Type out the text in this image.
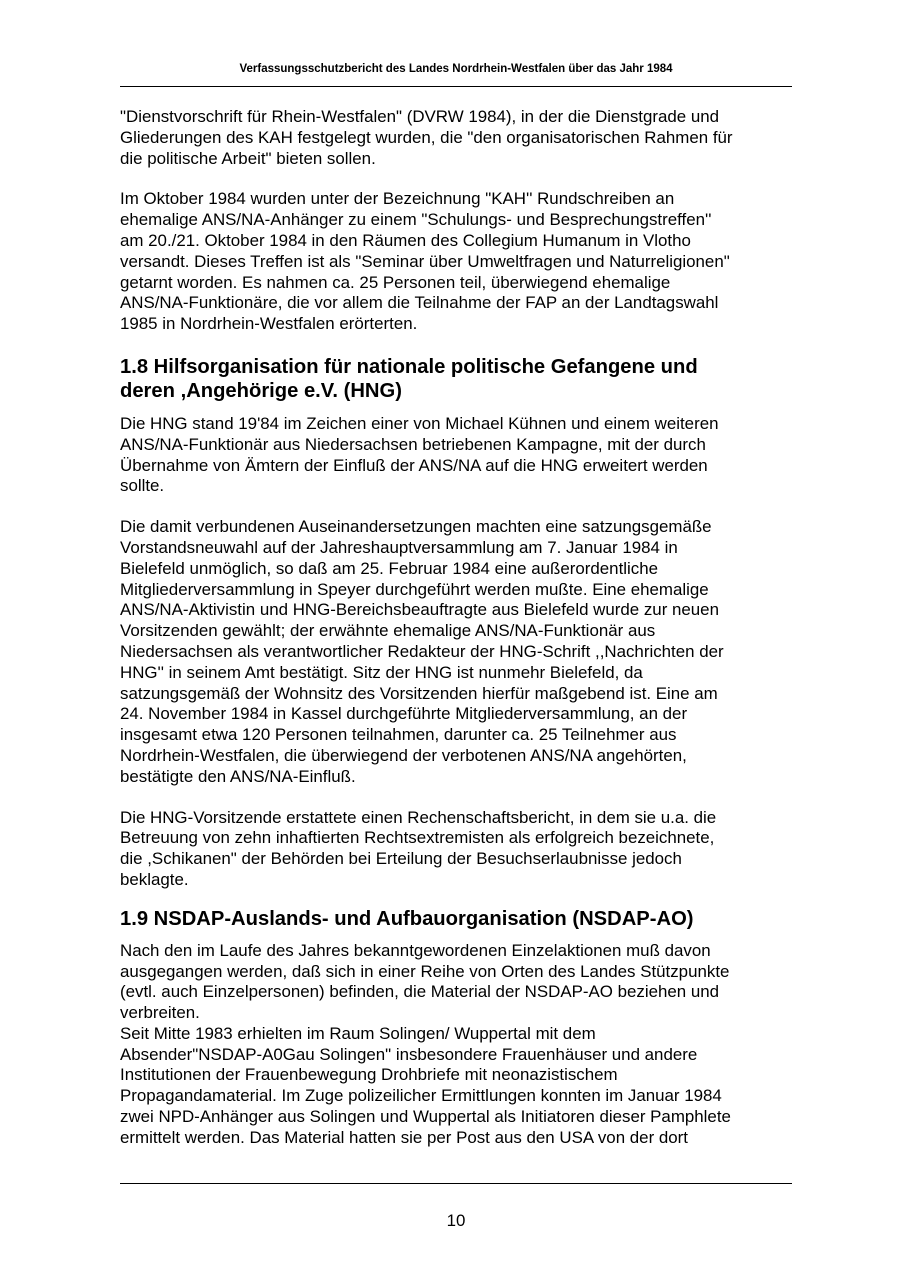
Verfassungsschutzbericht des Landes Nordrhein-Westfalen über das Jahr 1984

"Dienstvorschrift für Rhein-Westfalen" (DVRW 1984), in der die Dienstgrade und
Gliederungen des KAH festgelegt wurden, die "den organisatorischen Rahmen für
die politische Arbeit" bieten sollen.

Im Oktober 1984 wurden unter der Bezeichnung "KAH'' Rundschreiben an
ehemalige ANS/NA-Anhänger zu einem "Schulungs- und Besprechungstreffen''
am 20./21. Oktober 1984 in den Räumen des Collegium Humanum in Vlotho
versandt. Dieses Treffen ist als "Seminar über Umweltfragen und Naturreligionen"
getarnt worden. Es nahmen ca. 25 Personen teil, überwiegend ehemalige
ANS/NA-Funktionäre, die vor allem die Teilnahme der FAP an der Landtagswahl
1985 in Nordrhein-Westfalen erörterten.

1.8 Hilfsorganisation für nationale politische Gefangene und
deren ,Angehörige e.V. (HNG)

Die HNG stand 19'84 im Zeichen einer von Michael Kühnen und einem weiteren
ANS/NA-Funktionär aus Niedersachsen betriebenen Kampagne, mit der durch
Übernahme von Ämtern der Einfluß der ANS/NA auf die HNG erweitert werden
sollte.

Die damit verbundenen Auseinandersetzungen machten eine satzungsgemäße
Vorstandsneuwahl auf der Jahreshauptversammlung am 7. Januar 1984 in
Bielefeld unmöglich, so daß am 25. Februar 1984 eine außerordentliche
Mitgliederversammlung in Speyer durchgeführt werden mußte. Eine ehemalige
ANS/NA-Aktivistin und HNG-Bereichsbeauftragte aus Bielefeld wurde zur neuen
Vorsitzenden gewählt; der erwähnte ehemalige ANS/NA-Funktionär aus
Niedersachsen als verantwortlicher Redakteur der HNG-Schrift ,,Nachrichten der
HNG'' in seinem Amt bestätigt. Sitz der HNG ist nunmehr Bielefeld, da
satzungsgemäß der Wohnsitz des Vorsitzenden hierfür maßgebend ist. Eine am
24. November 1984 in Kassel durchgeführte Mitgliederversammlung, an der
insgesamt etwa 120 Personen teilnahmen, darunter ca. 25 Teilnehmer aus
Nordrhein-Westfalen, die überwiegend der verbotenen ANS/NA angehörten,
bestätigte den ANS/NA-Einfluß.

Die HNG-Vorsitzende erstattete einen Rechenschaftsbericht, in dem sie u.a. die
Betreuung von zehn inhaftierten Rechtsextremisten als erfolgreich bezeichnete,
die ,Schikanen" der Behörden bei Erteilung der Besuchserlaubnisse jedoch
beklagte.

1.9 NSDAP-Auslands- und Aufbauorganisation (NSDAP-AO)

Nach den im Laufe des Jahres bekanntgewordenen Einzelaktionen muß davon
ausgegangen werden, daß sich in einer Reihe von Orten des Landes Stützpunkte
(evtl. auch Einzelpersonen) befinden, die Material der NSDAP-AO beziehen und
verbreiten.
Seit Mitte 1983 erhielten im Raum Solingen/ Wuppertal mit dem
Absender"NSDAP-A0Gau Solingen" insbesondere Frauenhäuser und andere
Institutionen der Frauenbewegung Drohbriefe mit neonazistischem
Propagandamaterial. Im Zuge polizeilicher Ermittlungen konnten im Januar 1984
zwei NPD-Anhänger aus Solingen und Wuppertal als Initiatoren dieser Pamphlete
ermittelt werden. Das Material hatten sie per Post aus den USA von der dort

10
